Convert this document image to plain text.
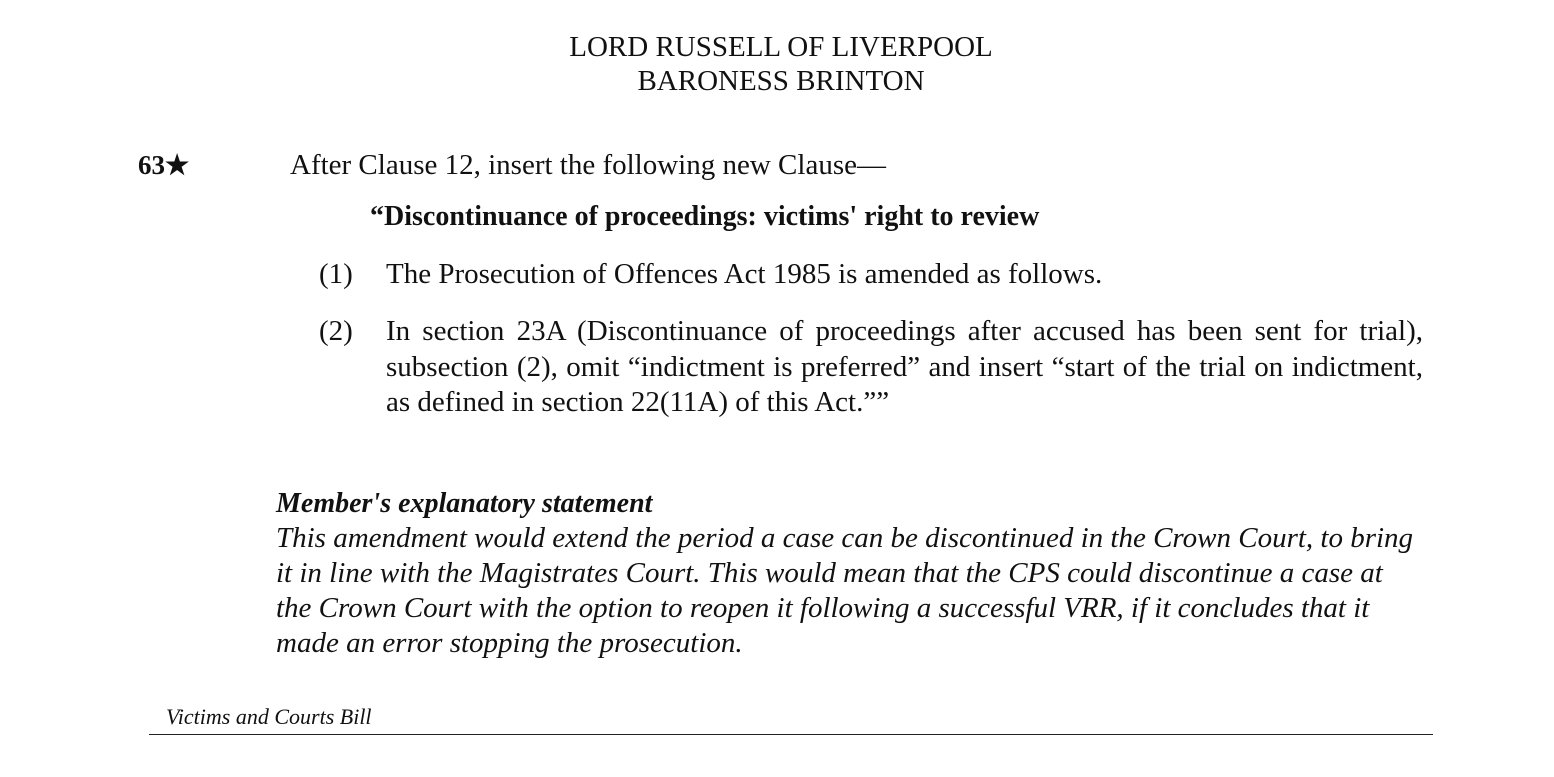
LORD RUSSELL OF LIVERPOOL
BARONESS BRINTON
63★	After Clause 12, insert the following new Clause—
“Discontinuance of proceedings: victims' right to review
(1) The Prosecution of Offences Act 1985 is amended as follows.
(2) In section 23A (Discontinuance of proceedings after accused has been sent for trial), subsection (2), omit “indictment is preferred” and insert “start of the trial on indictment, as defined in section 22(11A) of this Act.””
Member's explanatory statement
This amendment would extend the period a case can be discontinued in the Crown Court, to bring it in line with the Magistrates Court. This would mean that the CPS could discontinue a case at the Crown Court with the option to reopen it following a successful VRR, if it concludes that it made an error stopping the prosecution.
Victims and Courts Bill
